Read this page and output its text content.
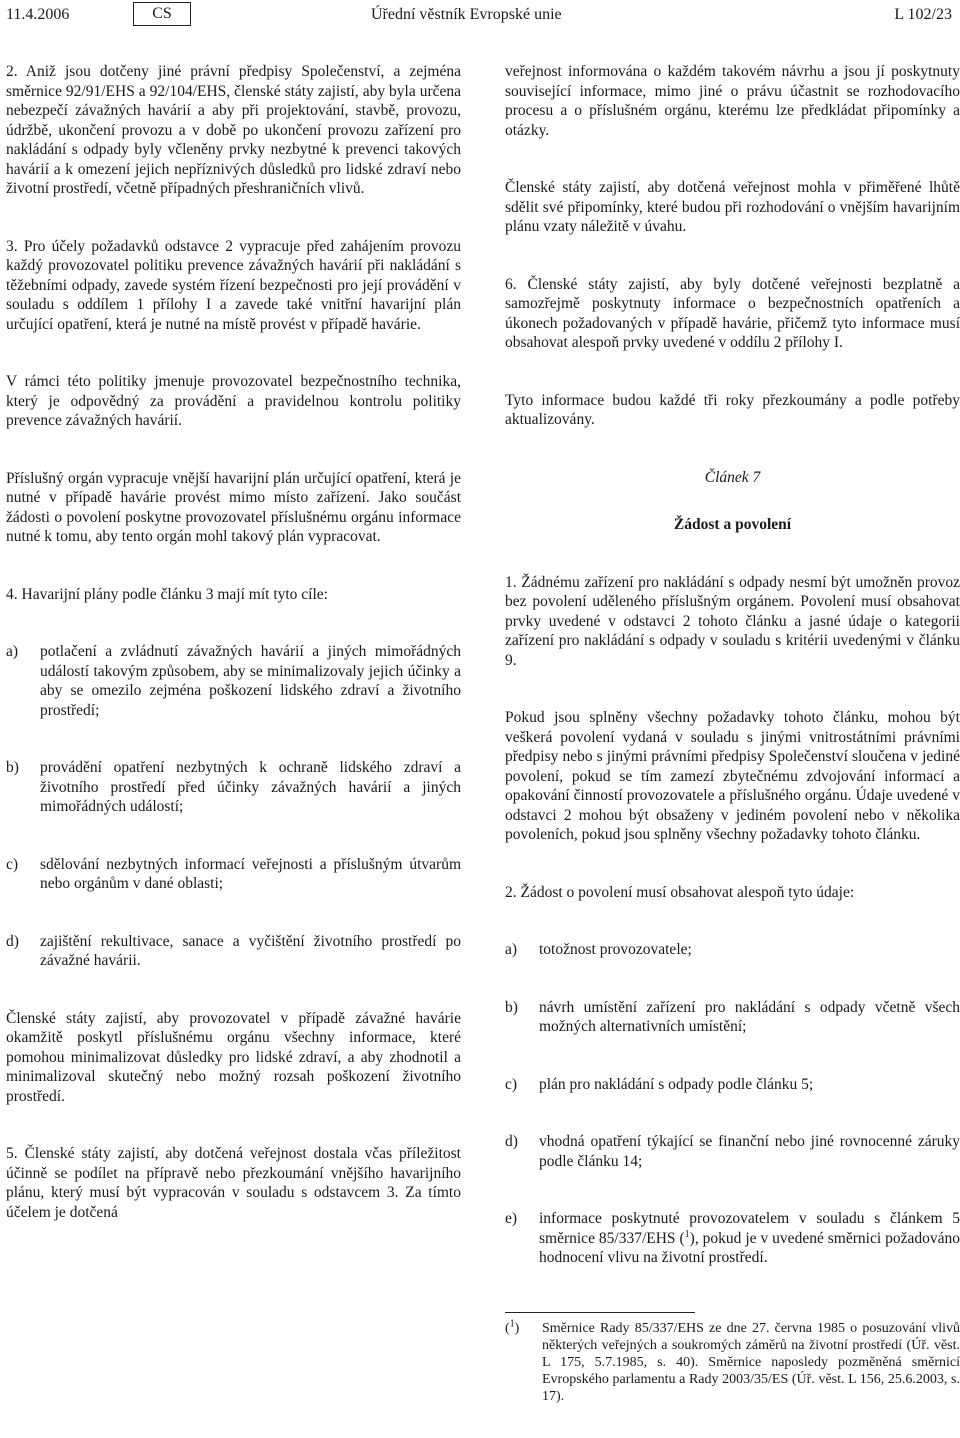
11.4.2006	CS	Úřední věstník Evropské unie	L 102/23

2. Aniž jsou dotčeny jiné právní předpisy Společenství, a zejména směrnice 92/91/EHS a 92/104/EHS, členské státy zajistí, aby byla určena nebezpečí závažných havárií a aby při projektování, stavbě, provozu, údržbě, ukončení provozu a v době po ukončení provozu zařízení pro nakládání s odpady byly včleněny prvky nezbytné k prevenci takových havárií a k omezení jejich nepříznivých důsledků pro lidské zdraví nebo životní prostředí, včetně případných přeshraničních vlivů.

3. Pro účely požadavků odstavce 2 vypracuje před zahájením provozu každý provozovatel politiku prevence závažných havárií při nakládání s těžebními odpady, zavede systém řízení bezpečnosti pro její provádění v souladu s oddílem 1 přílohy I a zavede také vnitřní havarijní plán určující opatření, která je nutné na místě provést v případě havárie.

V rámci této politiky jmenuje provozovatel bezpečnostního technika, který je odpovědný za provádění a pravidelnou kontrolu politiky prevence závažných havárií.

Příslušný orgán vypracuje vnější havarijní plán určující opatření, která je nutné v případě havárie provést mimo místo zařízení. Jako součást žádosti o povolení poskytne provozovatel příslušnému orgánu informace nutné k tomu, aby tento orgán mohl takový plán vypracovat.

4. Havarijní plány podle článku 3 mají mít tyto cíle:

a) potlačení a zvládnutí závažných havárií a jiných mimořádných událostí takovým způsobem, aby se minimalizovaly jejich účinky a aby se omezilo zejména poškození lidského zdraví a životního prostředí;
b) provádění opatření nezbytných k ochraně lidského zdraví a životního prostředí před účinky závažných havárií a jiných mimořádných událostí;
c) sdělování nezbytných informací veřejnosti a příslušným útvarům nebo orgánům v dané oblasti;
d) zajištění rekultivace, sanace a vyčištění životního prostředí po závažné havárii.

Členské státy zajistí, aby provozovatel v případě závažné havárie okamžitě poskytl příslušnému orgánu všechny informace, které pomohou minimalizovat důsledky pro lidské zdraví, a aby zhodnotil a minimalizoval skutečný nebo možný rozsah poškození životního prostředí.

5. Členské státy zajistí, aby dotčená veřejnost dostala včas příležitost účinně se podílet na přípravě nebo přezkoumání vnějšího havarijního plánu, který musí být vypracován v souladu s odstavcem 3. Za tímto účelem je dotčená

veřejnost informována o každém takovém návrhu a jsou jí poskytnuty související informace, mimo jiné o právu účastnit se rozhodovacího procesu a o příslušném orgánu, kterému lze předkládat připomínky a otázky.

Členské státy zajistí, aby dotčená veřejnost mohla v přiměřené lhůtě sdělit své připomínky, které budou při rozhodování o vnějším havarijním plánu vzaty náležitě v úvahu.

6. Členské státy zajistí, aby byly dotčené veřejnosti bezplatně a samozřejmě poskytnuty informace o bezpečnostních opatřeních a úkonech požadovaných v případě havárie, přičemž tyto informace musí obsahovat alespoň prvky uvedené v oddílu 2 přílohy I.

Tyto informace budou každé tři roky přezkoumány a podle potřeby aktualizovány.

Článek 7

Žádost a povolení

1. Žádnému zařízení pro nakládání s odpady nesmí být umožněn provoz bez povolení uděleného příslušným orgánem. Povolení musí obsahovat prvky uvedené v odstavci 2 tohoto článku a jasné údaje o kategorii zařízení pro nakládání s odpady v souladu s kritérii uvedenými v článku 9.

Pokud jsou splněny všechny požadavky tohoto článku, mohou být veškerá povolení vydaná v souladu s jinými vnitrostátními právními předpisy nebo s jinými právními předpisy Společenství sloučena v jediné povolení, pokud se tím zamezí zbytečnému zdvojování informací a opakování činností provozovatele a příslušného orgánu. Údaje uvedené v odstavci 2 mohou být obsaženy v jediném povolení nebo v několika povoleních, pokud jsou splněny všechny požadavky tohoto článku.

2. Žádost o povolení musí obsahovat alespoň tyto údaje:

a) totožnost provozovatele;
b) návrh umístění zařízení pro nakládání s odpady včetně všech možných alternativních umístění;
c) plán pro nakládání s odpady podle článku 5;
d) vhodná opatření týkající se finanční nebo jiné rovnocenné záruky podle článku 14;
e) informace poskytnuté provozovatelem v souladu s článkem 5 směrnice 85/337/EHS ($^1$), pokud je v uvedené směrnici požadováno hodnocení vlivu na životní prostředí.
($^1$)	Směrnice Rady 85/337/EHS ze dne 27. června 1985 o posuzování vlivů některých veřejných a soukromých záměrů na životní prostředí (Úř. věst. L 175, 5.7.1985, s. 40). Směrnice naposledy pozměněná směrnicí Evropského parlamentu a Rady 2003/35/ES (Úř. věst. L 156, 25.6.2003, s. 17).
